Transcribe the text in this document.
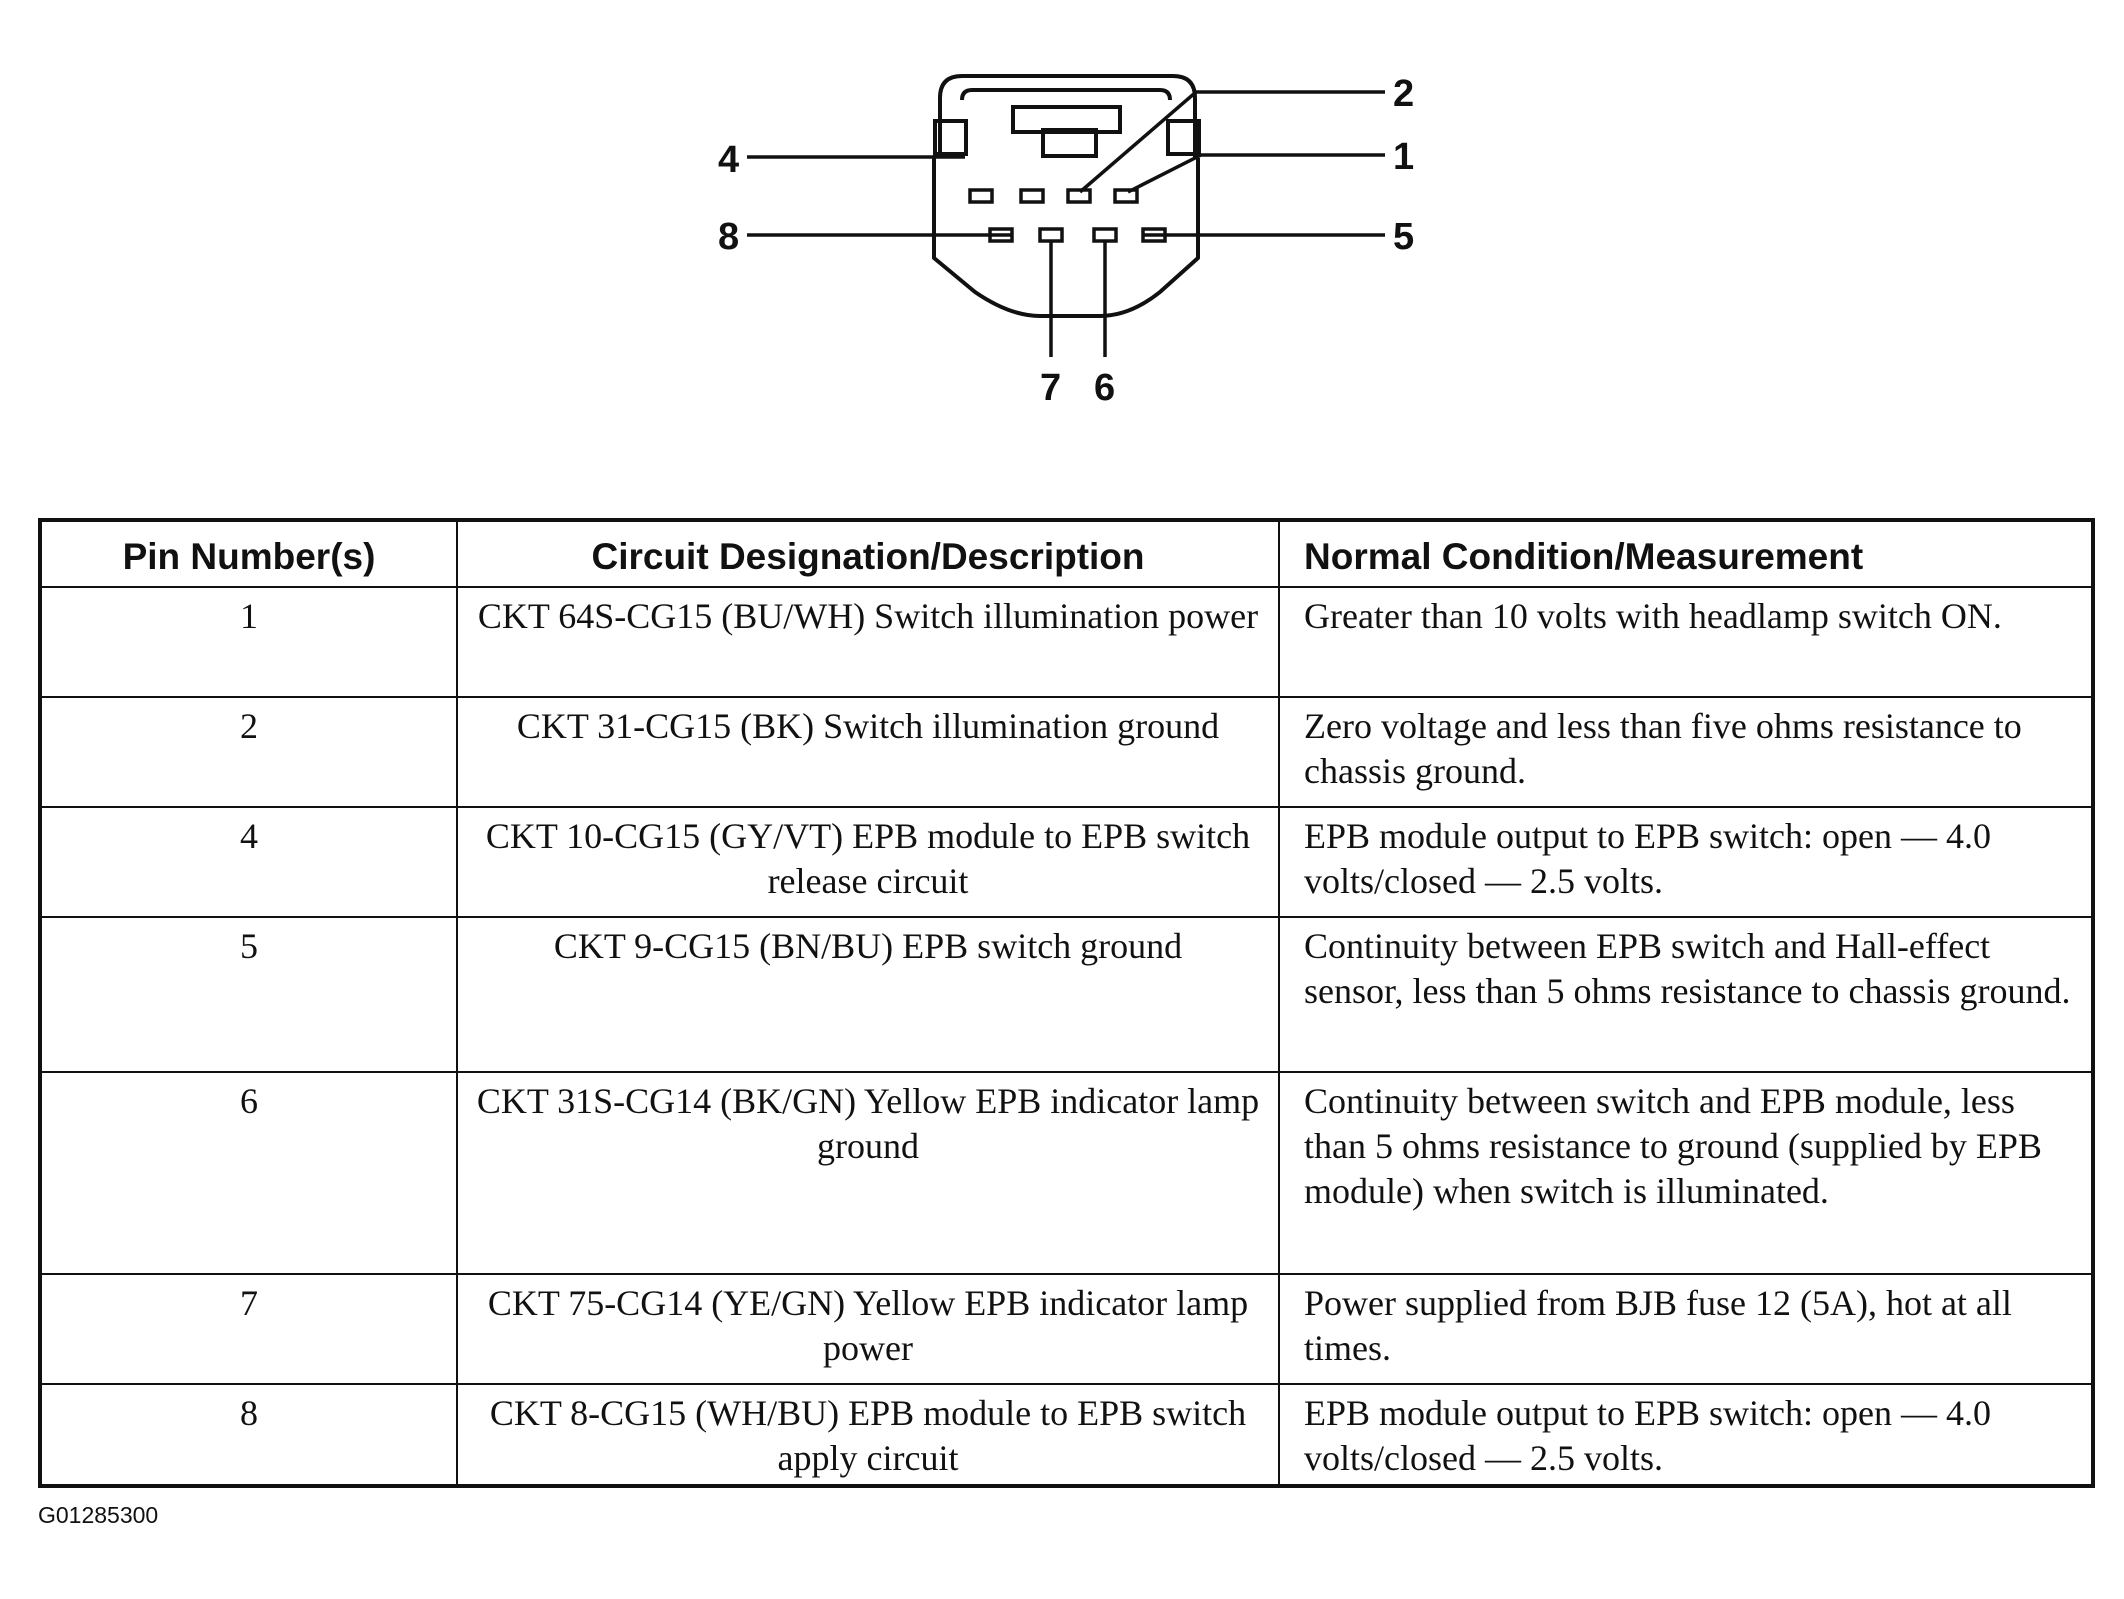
2
1
4
8	5
7 6
Pin Number(s)	Circuit Designation/Description	Normal Condition/Measurement
1	CKT 64S-CG15 (BU/WH) Switch illumination power	Greater than 10 volts with headlamp switch ON.
2	CKT 31-CG15 (BK) Switch illumination ground	Zero voltage and less than five ohms resistance to chassis ground.
4	CKT 10-CG15 (GY/VT) EPB module to EPB switch release circuit	EPB module output to EPB switch: open — 4.0 volts/closed — 2.5 volts.
5	CKT 9-CG15 (BN/BU) EPB switch ground	Continuity between EPB switch and Hall-effect sensor, less than 5 ohms resistance to chassis ground.
6	CKT 31S-CG14 (BK/GN) Yellow EPB indicator lamp ground	Continuity between switch and EPB module, less than 5 ohms resistance to ground (supplied by EPB module) when switch is illuminated.
7	CKT 75-CG14 (YE/GN) Yellow EPB indicator lamp power	Power supplied from BJB fuse 12 (5A), hot at all times.
8	CKT 8-CG15 (WH/BU) EPB module to EPB switch apply circuit	EPB module output to EPB switch: open — 4.0 volts/closed — 2.5 volts.
G01285300
